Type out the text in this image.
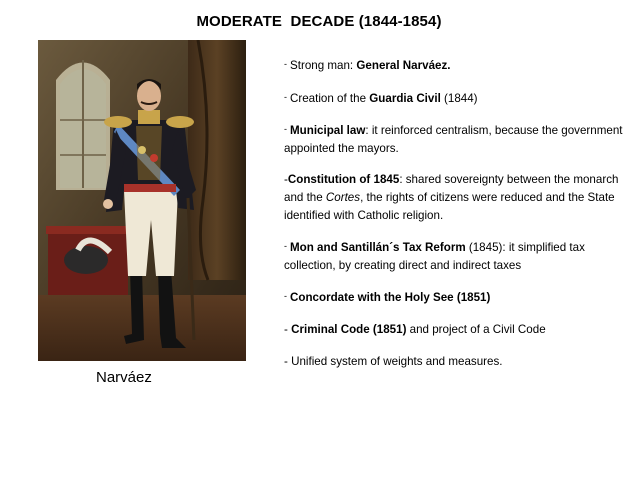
MODERATE  DECADE (1844-1854)
Narváez
- Strong man: General Narváez.
- Creation of the Guardia Civil (1844)
- Municipal law: it reinforced centralism, because the government appointed the mayors.
-Constitution of 1845: shared sovereignty between the monarch and the Cortes, the rights of citizens were reduced and the State identified with Catholic religion.
- Mon and Santillán´s Tax Reform (1845): it simplified tax collection, by creating direct and indirect taxes
- Concordate with the Holy See (1851)
- Criminal Code (1851) and project of a Civil Code
- Unified system of weights and measures.
